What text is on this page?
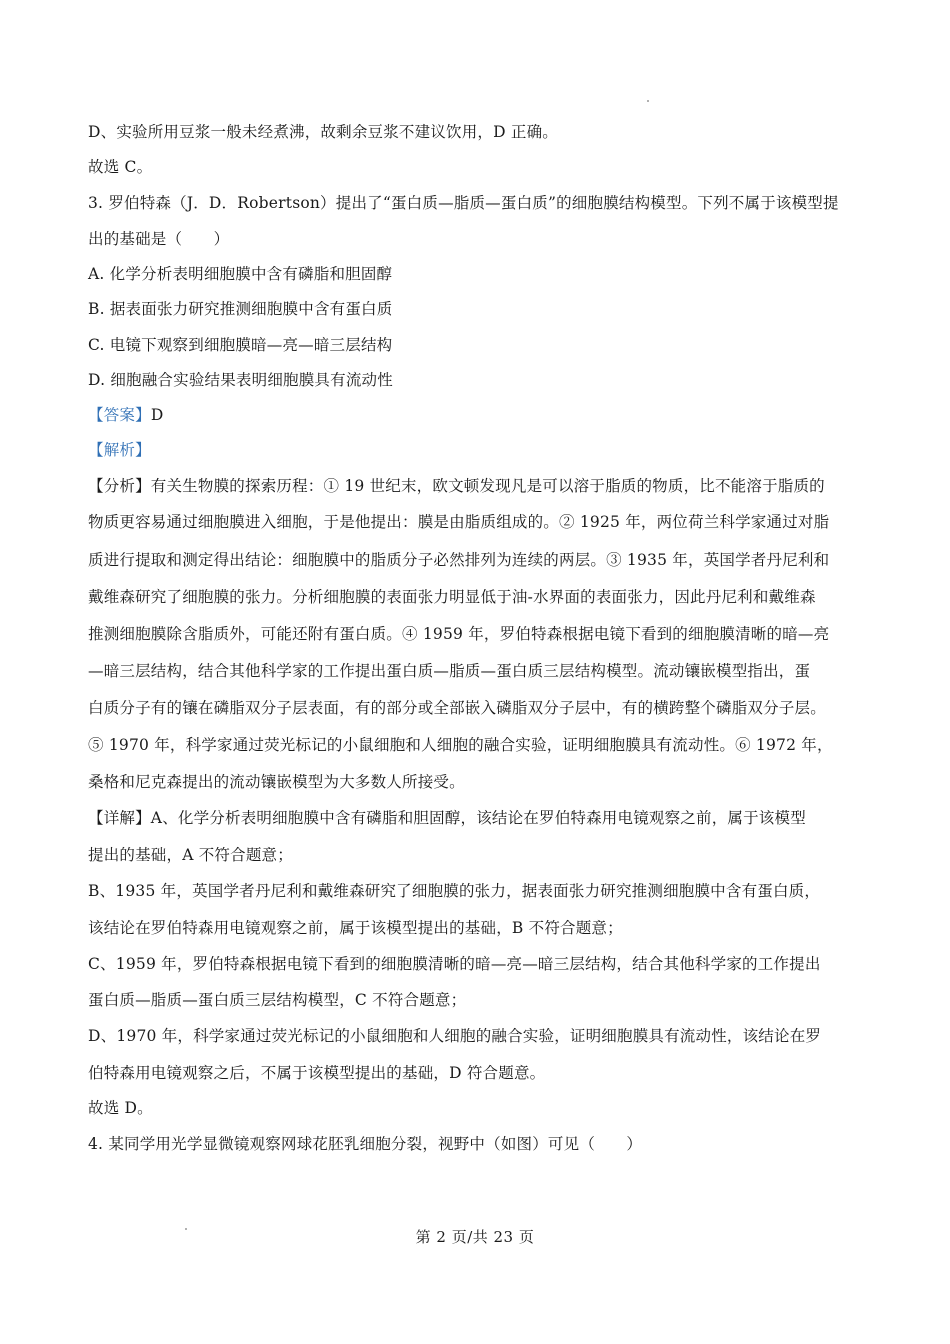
D、实验所用豆浆一般未经煮沸，故剩余豆浆不建议饮用，D 正确。
故选 C。
3. 罗伯特森（J．D．Robertson）提出了“蛋白质—脂质—蛋白质”的细胞膜结构模型。下列不属于该模型提
出的基础是（　　）
A. 化学分析表明细胞膜中含有磷脂和胆固醇
B. 据表面张力研究推测细胞膜中含有蛋白质
C. 电镜下观察到细胞膜暗—亮—暗三层结构
D. 细胞融合实验结果表明细胞膜具有流动性
【答案】D
【解析】
【分析】有关生物膜的探索历程：① 19 世纪末，欧文顿发现凡是可以溶于脂质的物质，比不能溶于脂质的
物质更容易通过细胞膜进入细胞，于是他提出：膜是由脂质组成的。② 1925 年，两位荷兰科学家通过对脂
质进行提取和测定得出结论：细胞膜中的脂质分子必然排列为连续的两层。③ 1935 年，英国学者丹尼利和
戴维森研究了细胞膜的张力。分析细胞膜的表面张力明显低于油-水界面的表面张力，因此丹尼利和戴维森
推测细胞膜除含脂质外，可能还附有蛋白质。④ 1959 年，罗伯特森根据电镜下看到的细胞膜清晰的暗—亮
—暗三层结构，结合其他科学家的工作提出蛋白质—脂质—蛋白质三层结构模型。流动镶嵌模型指出，蛋
白质分子有的镶在磷脂双分子层表面，有的部分或全部嵌入磷脂双分子层中，有的横跨整个磷脂双分子层。
⑤ 1970 年，科学家通过荧光标记的小鼠细胞和人细胞的融合实验，证明细胞膜具有流动性。⑥ 1972 年，
桑格和尼克森提出的流动镶嵌模型为大多数人所接受。
【详解】A、化学分析表明细胞膜中含有磷脂和胆固醇，该结论在罗伯特森用电镜观察之前，属于该模型
提出的基础，A 不符合题意；
B、1935 年，英国学者丹尼利和戴维森研究了细胞膜的张力，据表面张力研究推测细胞膜中含有蛋白质，
该结论在罗伯特森用电镜观察之前，属于该模型提出的基础，B 不符合题意；
C、1959 年，罗伯特森根据电镜下看到的细胞膜清晰的暗—亮—暗三层结构，结合其他科学家的工作提出
蛋白质—脂质—蛋白质三层结构模型，C 不符合题意；
D、1970 年，科学家通过荧光标记的小鼠细胞和人细胞的融合实验，证明细胞膜具有流动性，该结论在罗
伯特森用电镜观察之后，不属于该模型提出的基础，D 符合题意。
故选 D。
4. 某同学用光学显微镜观察网球花胚乳细胞分裂，视野中（如图）可见（　　）
第 2 页/共 23 页
